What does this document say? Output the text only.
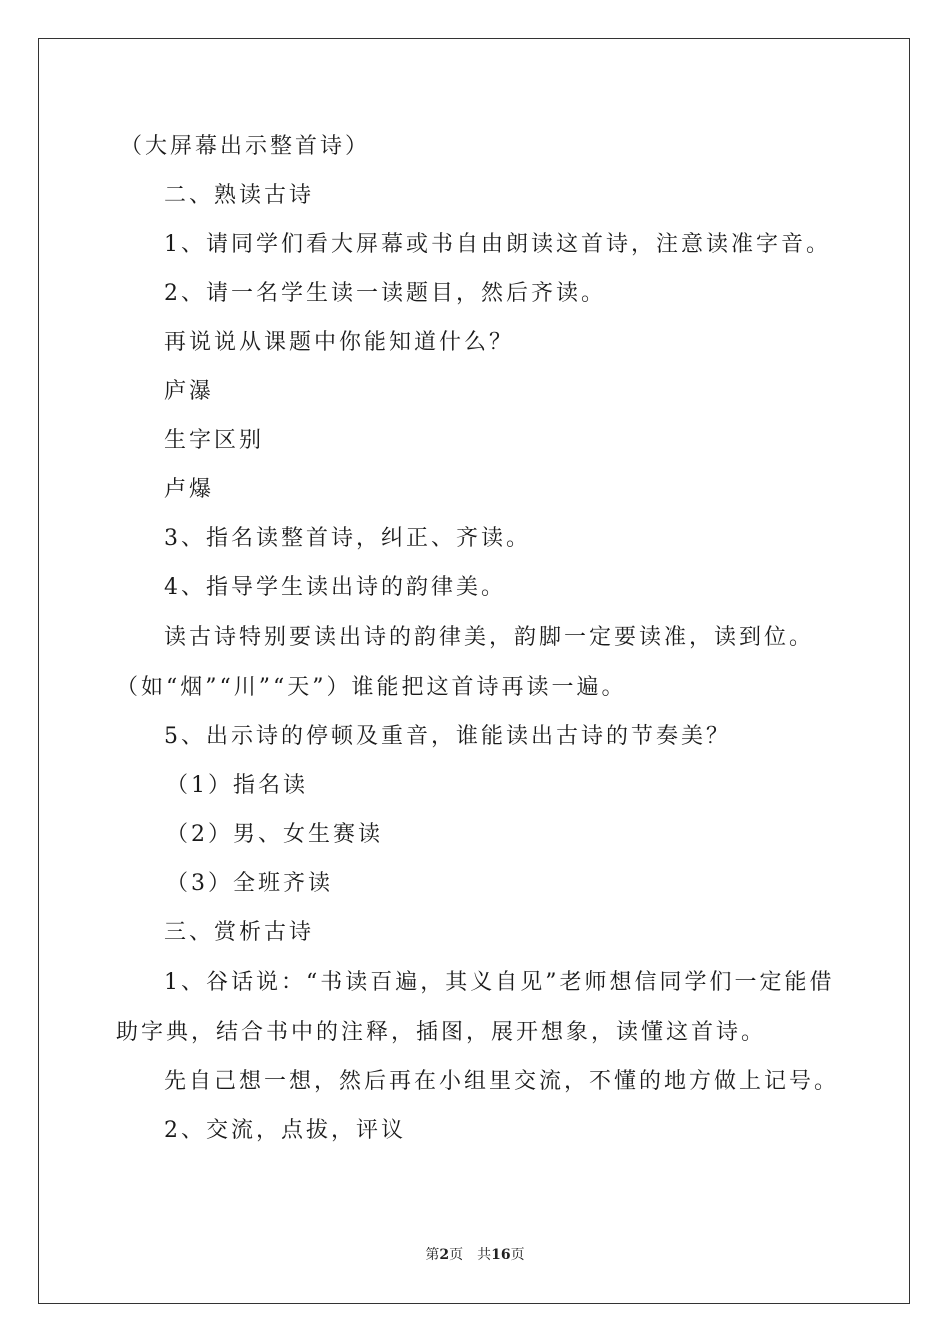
（大屏幕出示整首诗）

二、熟读古诗

1、请同学们看大屏幕或书自由朗读这首诗，注意读准字音。

2、请一名学生读一读题目，然后齐读。

再说说从课题中你能知道什么？

庐瀑

生字区别

卢爆

3、指名读整首诗，纠正、齐读。

4、指导学生读出诗的韵律美。

读古诗特别要读出诗的韵律美，韵脚一定要读准，读到位。（如“烟”“川”“天”）谁能把这首诗再读一遍。

5、出示诗的停顿及重音，谁能读出古诗的节奏美？

（1）指名读

（2）男、女生赛读

（3）全班齐读

三、赏析古诗

1、谷话说：“书读百遍，其义自见”老师想信同学们一定能借助字典，结合书中的注释，插图，展开想象，读懂这首诗。

先自己想一想，然后再在小组里交流，不懂的地方做上记号。

2、交流，点拔，评议

第2页 共16页
